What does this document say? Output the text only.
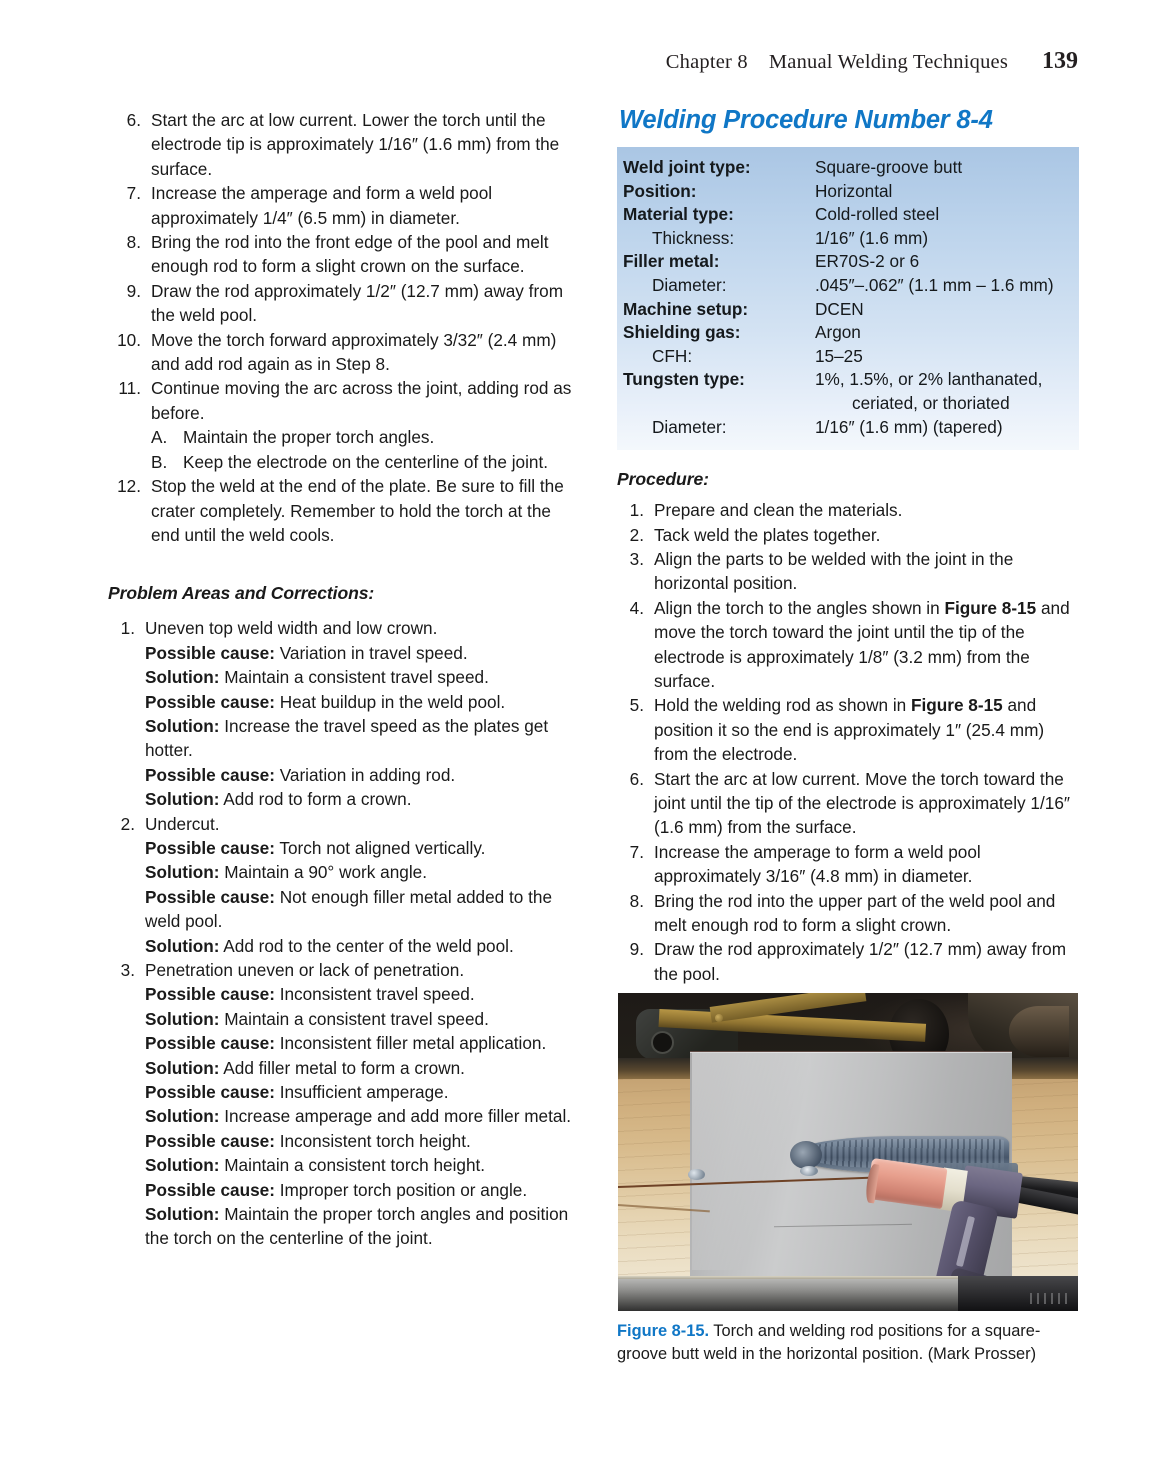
Chapter 8 Manual Welding Techniques 139
6. Start the arc at low current. Lower the torch until the electrode tip is approximately 1/16″ (1.6 mm) from the surface.
7. Increase the amperage and form a weld pool approximately 1/4″ (6.5 mm) in diameter.
8. Bring the rod into the front edge of the pool and melt enough rod to form a slight crown on the surface.
9. Draw the rod approximately 1/2″ (12.7 mm) away from the weld pool.
10. Move the torch forward approximately 3/32″ (2.4 mm) and add rod again as in Step 8.
11. Continue moving the arc across the joint, adding rod as before.
A. Maintain the proper torch angles.
B. Keep the electrode on the centerline of the joint.
12. Stop the weld at the end of the plate. Be sure to fill the crater completely. Remember to hold the torch at the end until the weld cools.
Problem Areas and Corrections:
1. Uneven top weld width and low crown.
Possible cause: Variation in travel speed.
Solution: Maintain a consistent travel speed.
Possible cause: Heat buildup in the weld pool.
Solution: Increase the travel speed as the plates get hotter.
Possible cause: Variation in adding rod.
Solution: Add rod to form a crown.
2. Undercut.
Possible cause: Torch not aligned vertically.
Solution: Maintain a 90° work angle.
Possible cause: Not enough filler metal added to the weld pool.
Solution: Add rod to the center of the weld pool.
3. Penetration uneven or lack of penetration.
Possible cause: Inconsistent travel speed.
Solution: Maintain a consistent travel speed.
Possible cause: Inconsistent filler metal application.
Solution: Add filler metal to form a crown.
Possible cause: Insufficient amperage.
Solution: Increase amperage and add more filler metal.
Possible cause: Inconsistent torch height.
Solution: Maintain a consistent torch height.
Possible cause: Improper torch position or angle.
Solution: Maintain the proper torch angles and position the torch on the centerline of the joint.
Welding Procedure Number 8-4
Weld joint type:	Square-groove butt
Position:	Horizontal
Material type:	Cold-rolled steel
Thickness:	1/16″ (1.6 mm)
Filler metal:	ER70S-2 or 6
Diameter:	.045″–.062″ (1.1 mm – 1.6 mm)
Machine setup:	DCEN
Shielding gas:	Argon
CFH:	15–25
Tungsten type:	1%, 1.5%, or 2% lanthanated,
ceriated, or thoriated
Diameter:	1/16″ (1.6 mm) (tapered)
Procedure:
1. Prepare and clean the materials.
2. Tack weld the plates together.
3. Align the parts to be welded with the joint in the horizontal position.
4. Align the torch to the angles shown in Figure 8-15 and move the torch toward the joint until the tip of the electrode is approximately 1/8″ (3.2 mm) from the surface.
5. Hold the welding rod as shown in Figure 8-15 and position it so the end is approximately 1″ (25.4 mm) from the electrode.
6. Start the arc at low current. Move the torch toward the joint until the tip of the electrode is approximately 1/16″ (1.6 mm) from the surface.
7. Increase the amperage to form a weld pool approximately 3/16″ (4.8 mm) in diameter.
8. Bring the rod into the upper part of the weld pool and melt enough rod to form a slight crown.
9. Draw the rod approximately 1/2″ (12.7 mm) away from the pool.
Figure 8-15. Torch and welding rod positions for a square-groove butt weld in the horizontal position. (Mark Prosser)
